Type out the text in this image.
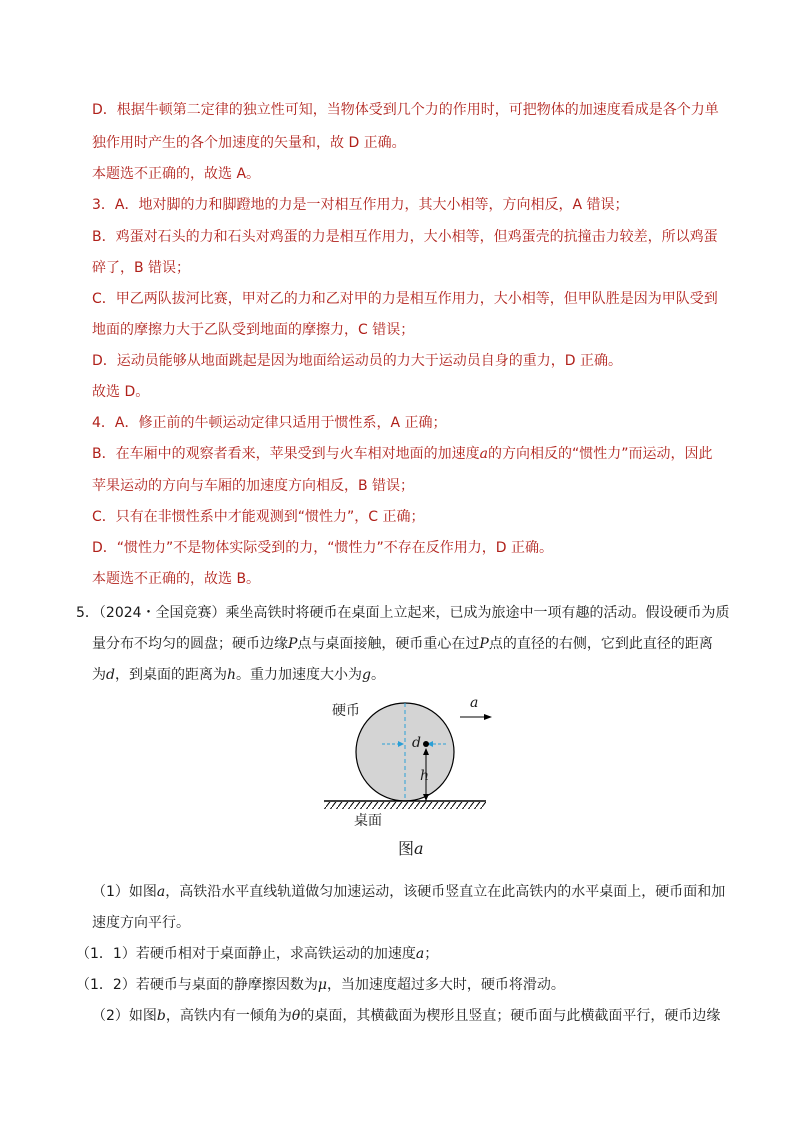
D．根据牛顿第二定律的独立性可知，当物体受到几个力的作用时，可把物体的加速度看成是各个力单
独作用时产生的各个加速度的矢量和，故 D 正确。
本题选不正确的，故选 A。
3．A．地对脚的力和脚蹬地的力是一对相互作用力，其大小相等，方向相反，A 错误；
B．鸡蛋对石头的力和石头对鸡蛋的力是相互作用力，大小相等，但鸡蛋壳的抗撞击力较差，所以鸡蛋
碎了，B 错误；
C．甲乙两队拔河比赛，甲对乙的力和乙对甲的力是相互作用力，大小相等，但甲队胜是因为甲队受到
地面的摩擦力大于乙队受到地面的摩擦力，C 错误；
D．运动员能够从地面跳起是因为地面给运动员的力大于运动员自身的重力，D 正确。
故选 D。
4．A．修正前的牛顿运动定律只适用于惯性系，A 正确；
B．在车厢中的观察者看来，苹果受到与火车相对地面的加速度a的方向相反的“惯性力”而运动，因此
苹果运动的方向与车厢的加速度方向相反，B 错误；
C．只有在非惯性系中才能观测到“惯性力”，C 正确；
D．“惯性力”不是物体实际受到的力，“惯性力”不存在反作用力，D 正确。
本题选不正确的，故选 B。
5．（2024・全国竞赛）乘坐高铁时将硬币在桌面上立起来，已成为旅途中一项有趣的活动。假设硬币为质
量分布不均匀的圆盘；硬币边缘P点与桌面接触，硬币重心在过P点的直径的右侧，它到此直径的距离
为d，到桌面的距离为h。重力加速度大小为g。
硬币	a
d
h
桌面
图a
（1）如图a，高铁沿水平直线轨道做匀加速运动，该硬币竖直立在此高铁内的水平桌面上，硬币面和加
速度方向平行。
（1．1）若硬币相对于桌面静止，求高铁运动的加速度a；
（1．2）若硬币与桌面的静摩擦因数为μ，当加速度超过多大时，硬币将滑动。
（2）如图b，高铁内有一倾角为θ的桌面，其横截面为楔形且竖直；硬币面与此横截面平行，硬币边缘
